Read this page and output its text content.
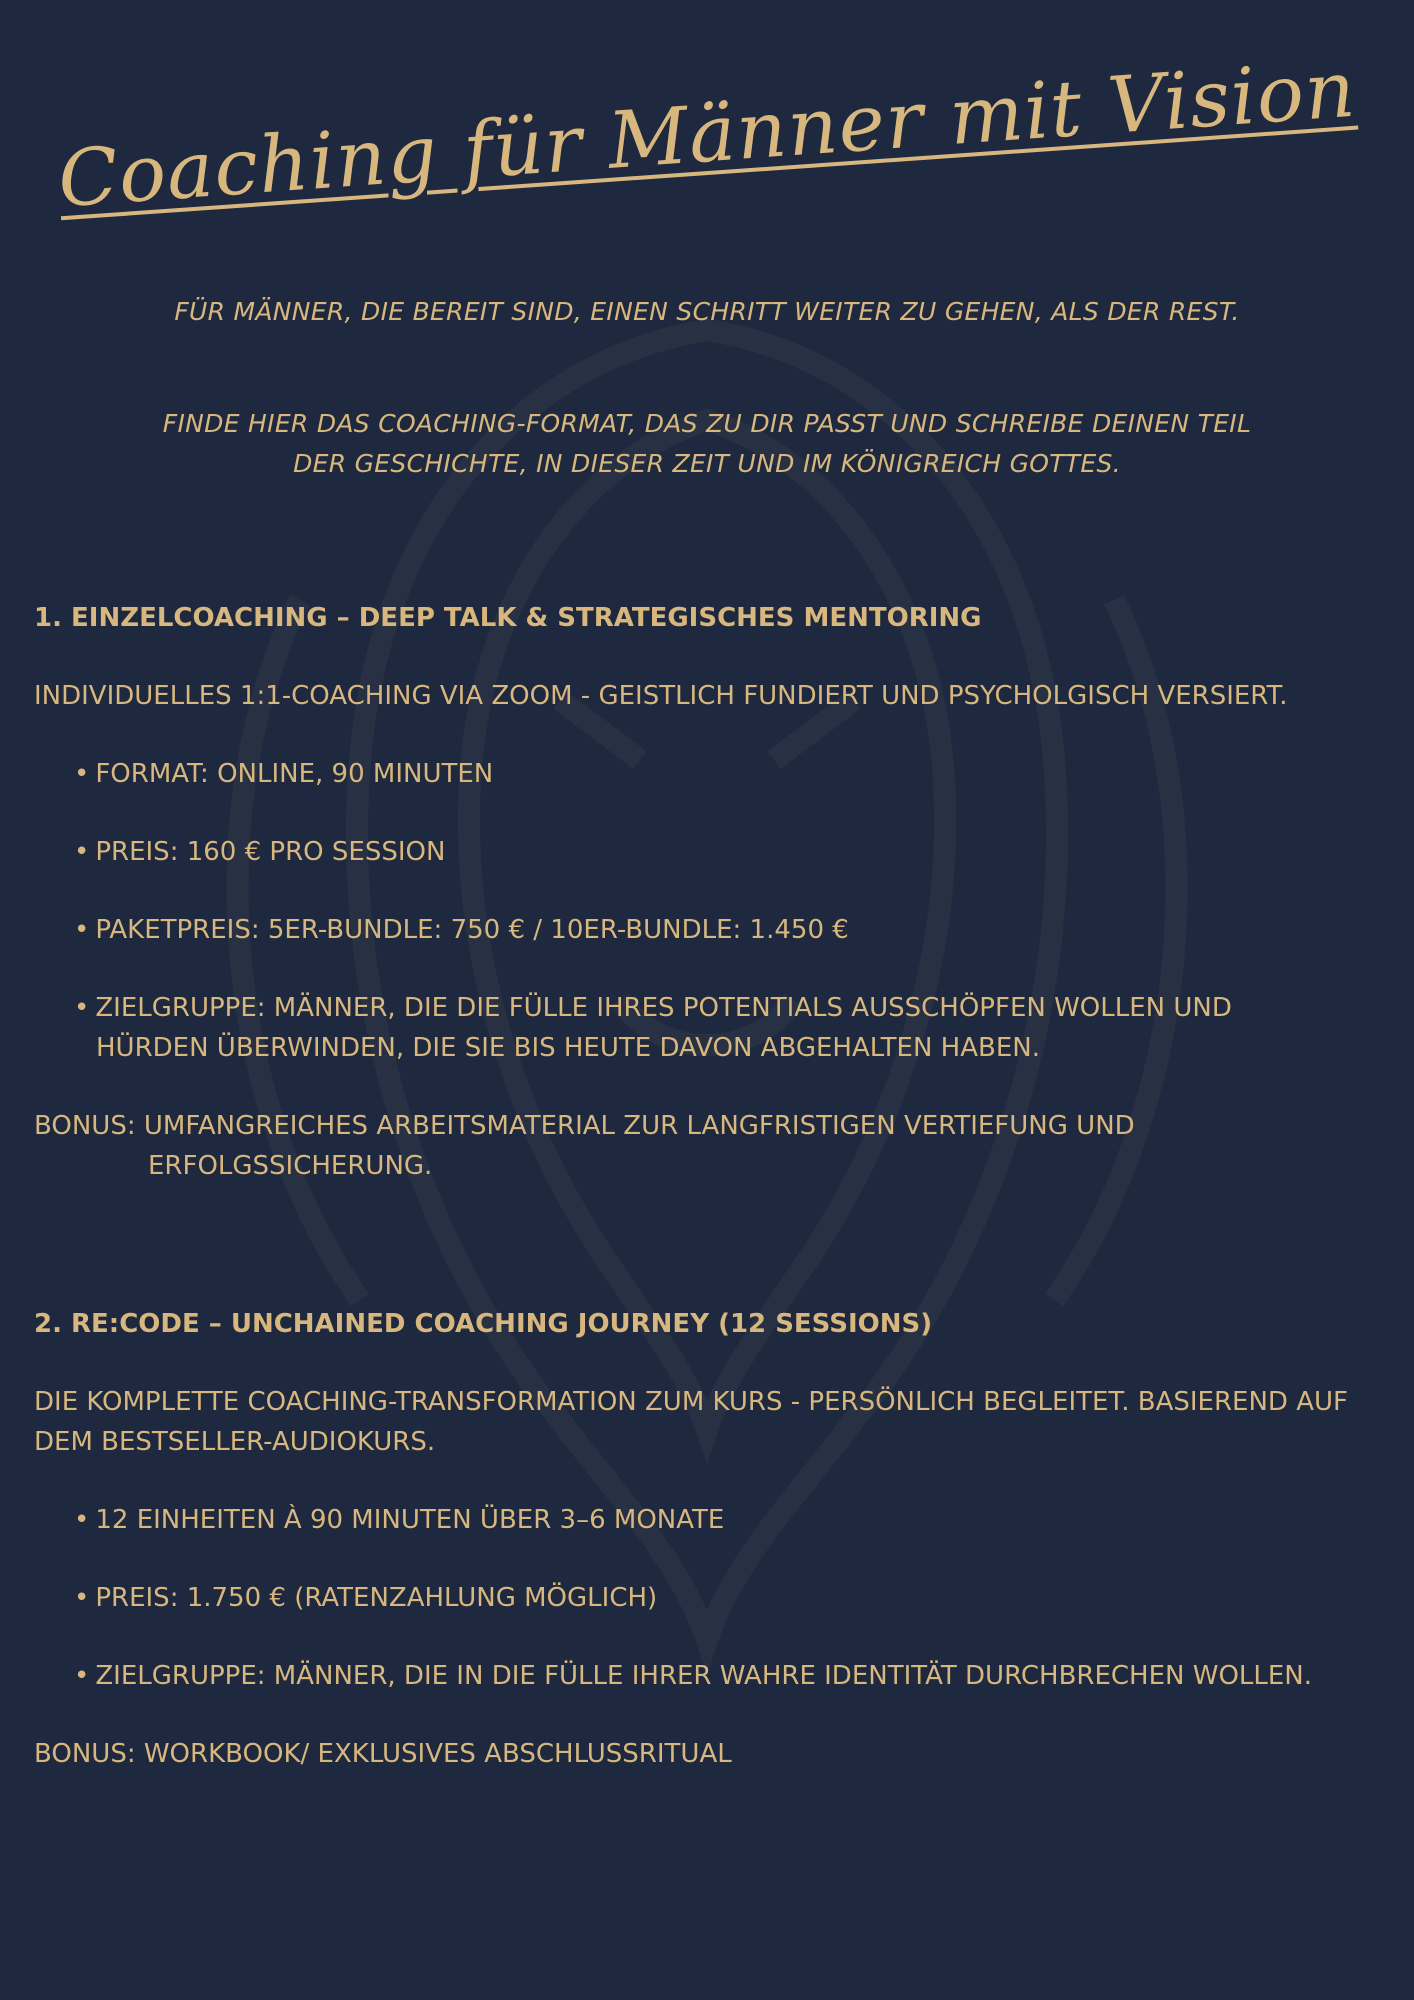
Coaching für Männer mit Vision
FÜR MÄNNER, DIE BEREIT SIND, EINEN SCHRITT WEITER ZU GEHEN, ALS DER REST.
FINDE HIER DAS COACHING-FORMAT, DAS ZU DIR PASST UND SCHREIBE DEINEN TEIL
DER GESCHICHTE, IN DIESER ZEIT UND IM KÖNIGREICH GOTTES.
1. EINZELCOACHING – DEEP TALK & STRATEGISCHES MENTORING
INDIVIDUELLES 1:1-COACHING VIA ZOOM - GEISTLICH FUNDIERT UND PSYCHOLGISCH VERSIERT.
• FORMAT: ONLINE, 90 MINUTEN
• PREIS: 160 € PRO SESSION
• PAKETPREIS: 5ER-BUNDLE: 750 € / 10ER-BUNDLE: 1.450 €
• ZIELGRUPPE: MÄNNER, DIE DIE FÜLLE IHRES POTENTIALS AUSSCHÖPFEN WOLLEN UND
HÜRDEN ÜBERWINDEN, DIE SIE BIS HEUTE DAVON ABGEHALTEN HABEN.
BONUS: UMFANGREICHES ARBEITSMATERIAL ZUR LANGFRISTIGEN VERTIEFUNG UND
ERFOLGSSICHERUNG.
2. RE:CODE – UNCHAINED COACHING JOURNEY (12 SESSIONS)
DIE KOMPLETTE COACHING-TRANSFORMATION ZUM KURS - PERSÖNLICH BEGLEITET. BASIEREND AUF
DEM BESTSELLER-AUDIOKURS.
• 12 EINHEITEN À 90 MINUTEN ÜBER 3–6 MONATE
• PREIS: 1.750 € (RATENZAHLUNG MÖGLICH)
• ZIELGRUPPE: MÄNNER, DIE IN DIE FÜLLE IHRER WAHRE IDENTITÄT DURCHBRECHEN WOLLEN.
BONUS: WORKBOOK/ EXKLUSIVES ABSCHLUSSRITUAL
